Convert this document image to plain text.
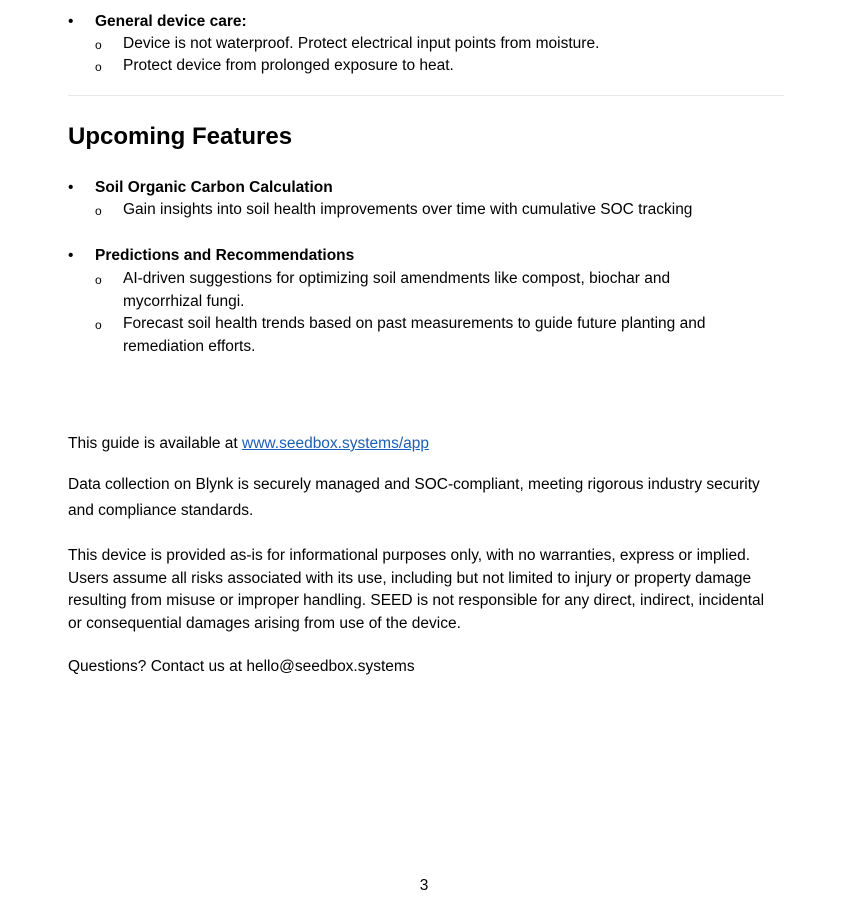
•	General device care:
o Device is not waterproof. Protect electrical input points from moisture.
o Protect device from prolonged exposure to heat.
Upcoming Features
•	Soil Organic Carbon Calculation
o Gain insights into soil health improvements over time with cumulative SOC tracking
•	Predictions and Recommendations
o AI-driven suggestions for optimizing soil amendments like compost, biochar and mycorrhizal fungi.
o Forecast soil health trends based on past measurements to guide future planting and remediation efforts.
This guide is available at www.seedbox.systems/app
Data collection on Blynk is securely managed and SOC-compliant, meeting rigorous industry security and compliance standards.
This device is provided as-is for informational purposes only, with no warranties, express or implied. Users assume all risks associated with its use, including but not limited to injury or property damage resulting from misuse or improper handling. SEED is not responsible for any direct, indirect, incidental or consequential damages arising from use of the device.
Questions? Contact us at hello@seedbox.systems
3
